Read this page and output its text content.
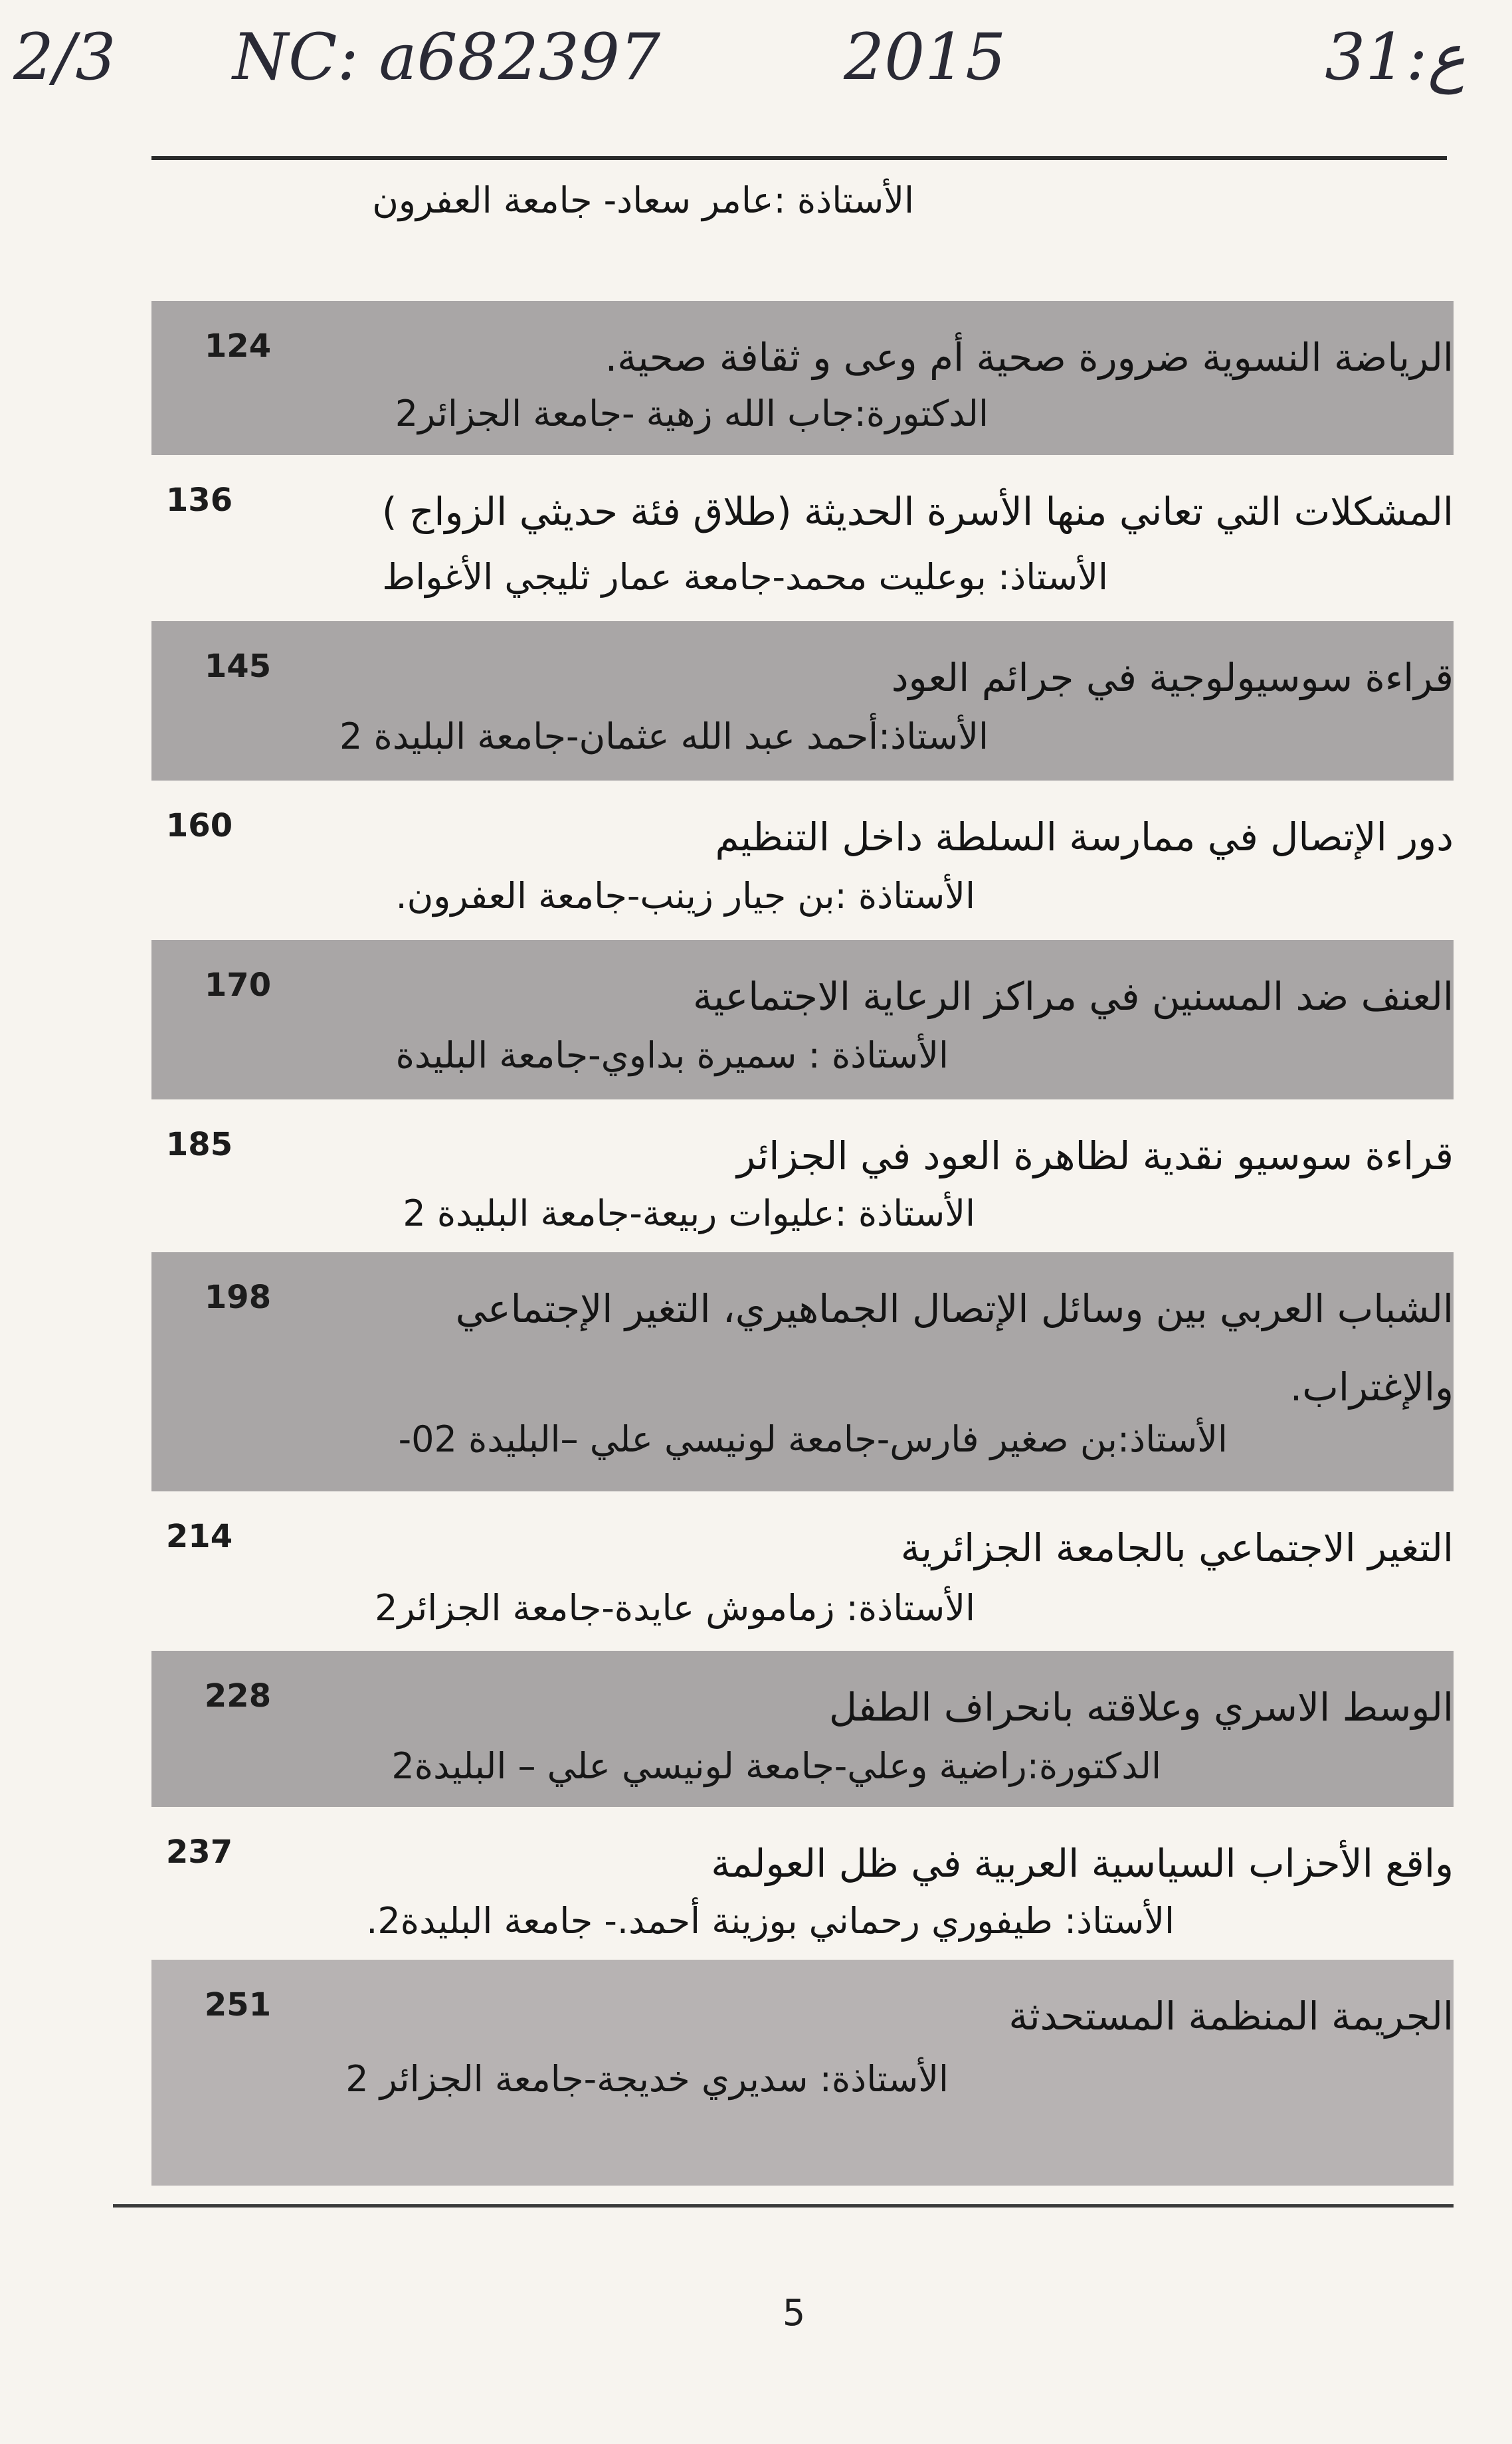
2/3 NC: a682397	2015	ع:31
الأستاذة :عامر سعاد- جامعة العفرون
124	الرياضة النسوية ضرورة صحية أم وعى و ثقافة صحية.
الدكتورة:جاب الله زهية -جامعة الجزائر2
136	المشكلات التي تعاني منها الأسرة الحديثة (طلاق فئة حديثي الزواج )
الأستاذ: بوعليت محمد-جامعة عمار ثليجي الأغواط
145	قراءة سوسيولوجية في جرائم العود
الأستاذ:أحمد عبد الله عثمان-جامعة البليدة 2
160	دور الإتصال في ممارسة السلطة داخل التنظيم
الأستاذة :بن جيار زينب-جامعة العفرون.
170	العنف ضد المسنين في مراكز الرعاية الاجتماعية
الأستاذة : سميرة بداوي-جامعة البليدة
185	قراءة سوسيو نقدية لظاهرة العود في الجزائر
الأستاذة :عليوات ربيعة-جامعة البليدة 2
198	الشباب العربي بين وسائل الإتصال الجماهيري، التغير الإجتماعي والإغتراب.
الأستاذ:بن صغير فارس-جامعة لونيسي علي –البليدة 02-
214	التغير الاجتماعي بالجامعة الجزائرية
الأستاذة: زماموش عايدة-جامعة الجزائر2
228	الوسط الاسري وعلاقته بانحراف الطفل
الدكتورة:راضية وعلي-جامعة لونيسي علي – البليدة2
237	واقع الأحزاب السياسية العربية في ظل العولمة
الأستاذ: طيفوري رحماني بوزينة أحمد.- جامعة البليدة2.
251	الجريمة المنظمة المستحدثة
الأستاذة: سديري خديجة-جامعة الجزائر 2
5
